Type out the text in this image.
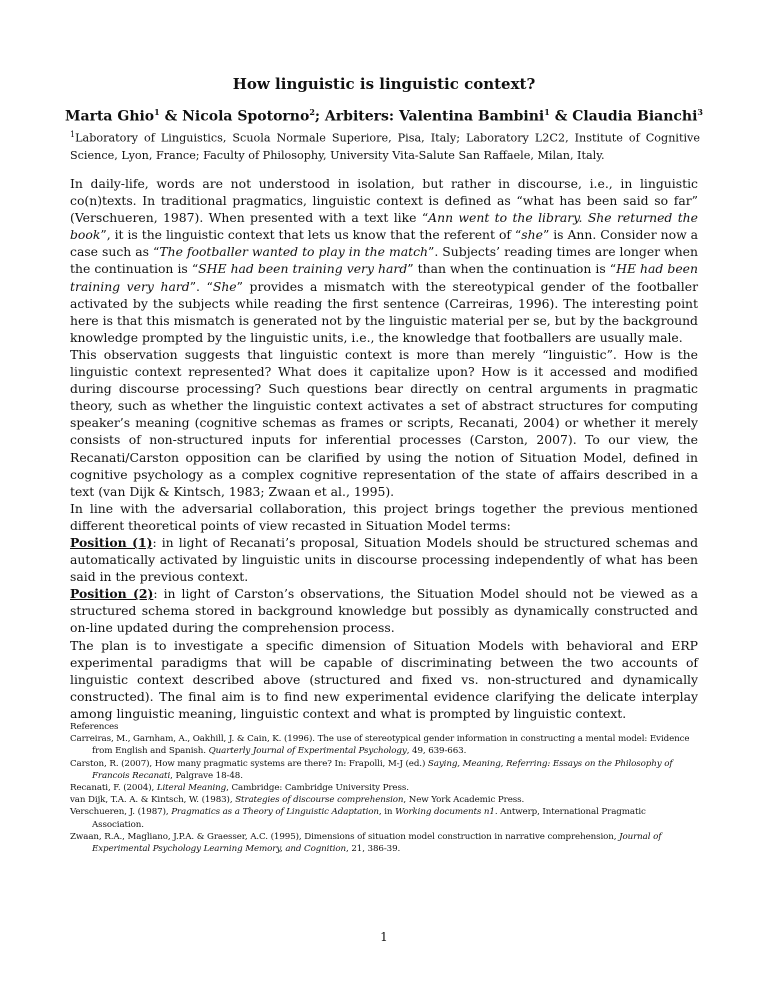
How linguistic is linguistic context?
Marta Ghio$^1$ & Nicola Spotorno$^2$; Arbiters: Valentina Bambini$^1$ & Claudia Bianchi$^3$
$^1$Laboratory of Linguistics, Scuola Normale Superiore, Pisa, Italy; Laboratory L2C2, Institute of Cognitive Science, Lyon, France; Faculty of Philosophy, University Vita-Salute San Raffaele, Milan, Italy.

In daily-life, words are not understood in isolation, but rather in discourse, i.e., in linguistic co(n)texts. In traditional pragmatics, linguistic context is defined as “what has been said so far” (Verschueren, 1987). When presented with a text like “Ann went to the library. She returned the book”, it is the linguistic context that lets us know that the referent of “she” is Ann. Consider now a case such as “The footballer wanted to play in the match”. Subjects’ reading times are longer when the continuation is “SHE had been training very hard” than when the continuation is “HE had been training very hard”. “She” provides a mismatch with the stereotypical gender of the footballer activated by the subjects while reading the first sentence (Carreiras, 1996). The interesting point here is that this mismatch is generated not by the linguistic material per se, but by the background knowledge prompted by the linguistic units, i.e., the knowledge that footballers are usually male.

This observation suggests that linguistic context is more than merely “linguistic”. How is the linguistic context represented? What does it capitalize upon? How is it accessed and modified during discourse processing? Such questions bear directly on central arguments in pragmatic theory, such as whether the linguistic context activates a set of abstract structures for computing speaker’s meaning (cognitive schemas as frames or scripts, Recanati, 2004) or whether it merely consists of non-structured inputs for inferential processes (Carston, 2007). To our view, the Recanati/Carston opposition can be clarified by using the notion of Situation Model, defined in cognitive psychology as a complex cognitive representation of the state of affairs described in a text (van Dijk & Kintsch, 1983; Zwaan et al., 1995).

In line with the adversarial collaboration, this project brings together the previous mentioned different theoretical points of view recasted in Situation Model terms:

Position (1): in light of Recanati’s proposal, Situation Models should be structured schemas and automatically activated by linguistic units in discourse processing independently of what has been said in the previous context.

Position (2): in light of Carston’s observations, the Situation Model should not be viewed as a structured schema stored in background knowledge but possibly as dynamically constructed and on-line updated during the comprehension process.

The plan is to investigate a specific dimension of Situation Models with behavioral and ERP experimental paradigms that will be capable of discriminating between the two accounts of linguistic context described above (structured and fixed vs. non-structured and dynamically constructed). The final aim is to find new experimental evidence clarifying the delicate interplay among linguistic meaning, linguistic context and what is prompted by linguistic context.

References

Carreiras, M., Garnham, A., Oakhill, J. & Cain, K. (1996). The use of stereotypical gender information in constructing a mental model: Evidence from English and Spanish. Quarterly Journal of Experimental Psychology, 49, 639-663.

Carston, R. (2007), How many pragmatic systems are there? In: Frapolli, M-J (ed.) Saying, Meaning, Referring: Essays on the Philosophy of Francois Recanati, Palgrave 18-48.

Recanati, F. (2004), Literal Meaning, Cambridge: Cambridge University Press.

van Dijk, T.A. A. & Kintsch, W. (1983), Strategies of discourse comprehension, New York Academic Press.

Verschueren, J. (1987), Pragmatics as a Theory of Linguistic Adaptation, in Working documents n1. Antwerp, International Pragmatic Association.

Zwaan, R.A., Magliano, J.P.A. & Graesser, A.C. (1995), Dimensions of situation model construction in narrative comprehension, Journal of Experimental Psychology Learning Memory, and Cognition, 21, 386-39.

1
